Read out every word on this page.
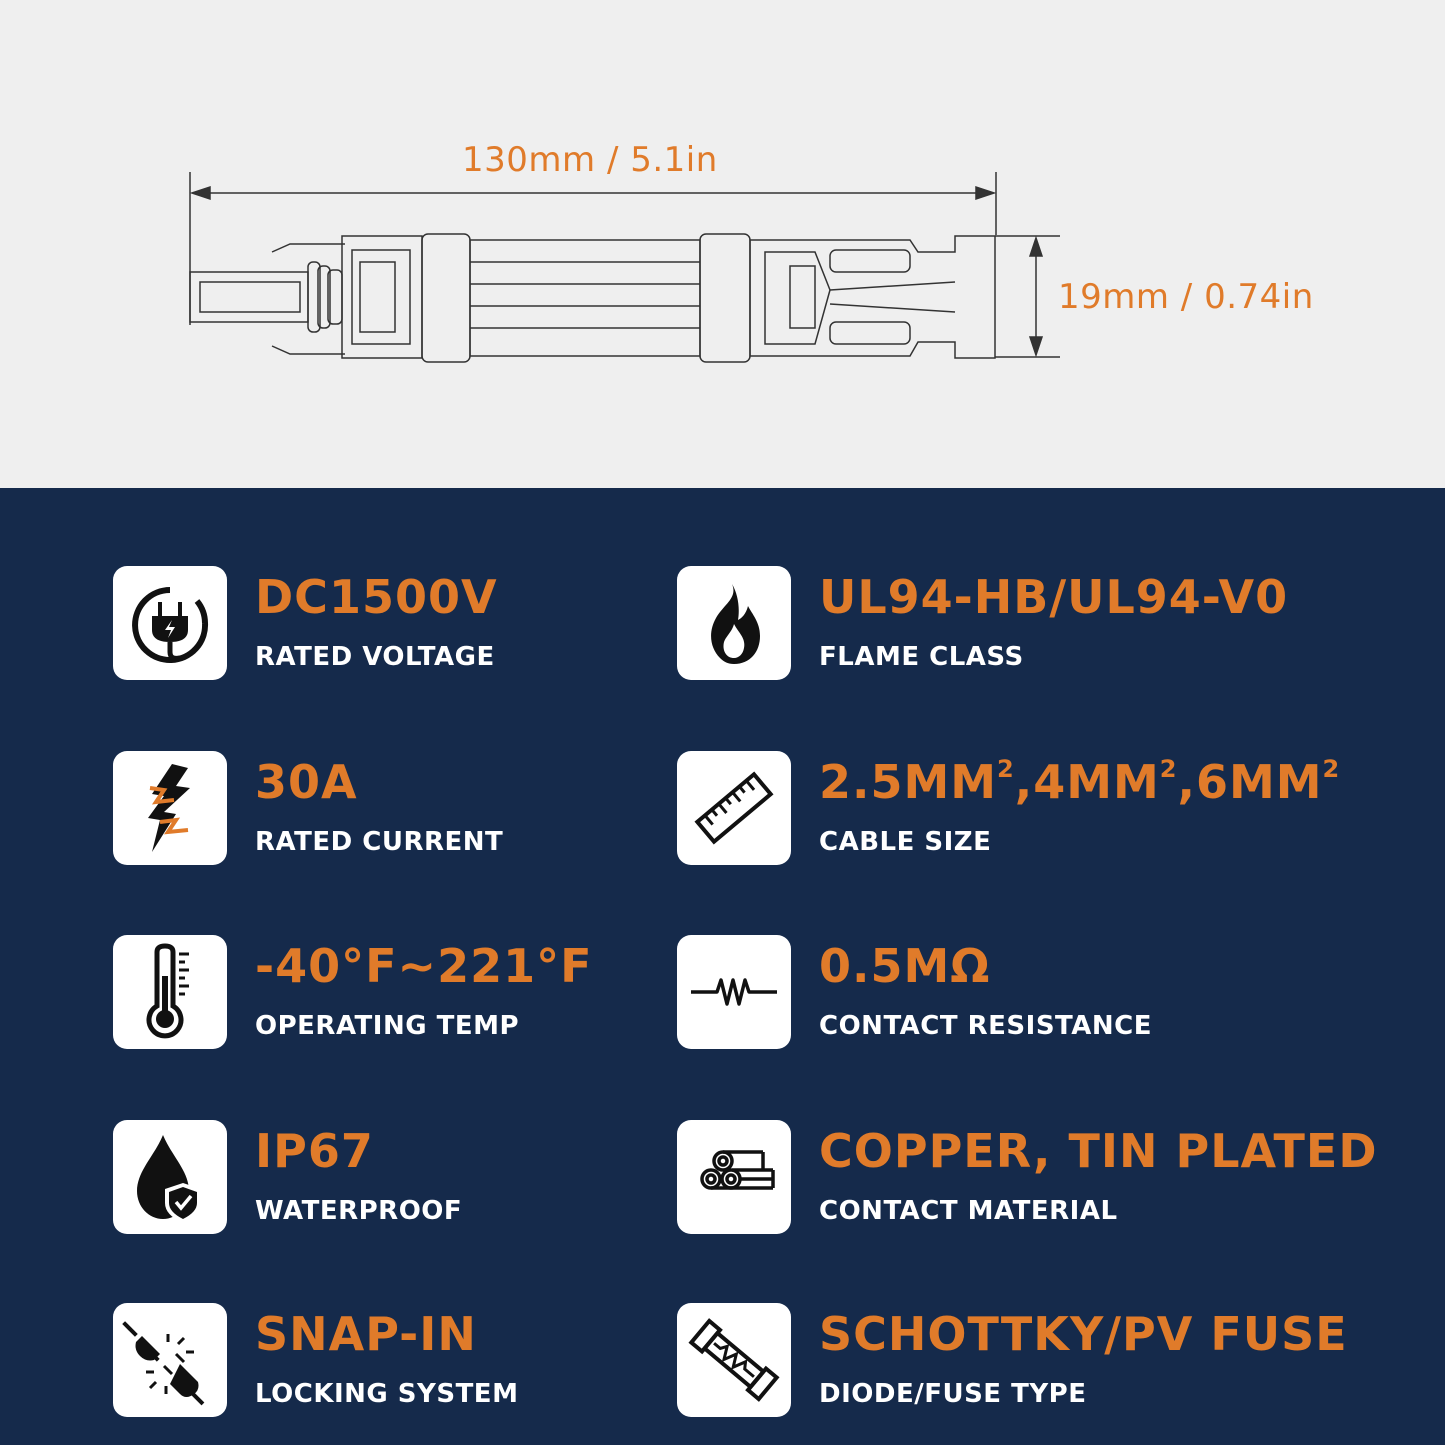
130mm / 5.1in
19mm / 0.74in
DC1500V
RATED VOLTAGE
UL94-HB/UL94-V0
FLAME CLASS
30A
RATED CURRENT
$2.5MM^2,4MM^2,6MM^2$
CABLE SIZE
-40°F~221°F
OPERATING TEMP
0.5MΩ
CONTACT RESISTANCE
IP67
WATERPROOF
COPPER, TIN PLATED
CONTACT MATERIAL
SNAP-IN
LOCKING SYSTEM
SCHOTTKY/PV FUSE
DIODE/FUSE TYPE
